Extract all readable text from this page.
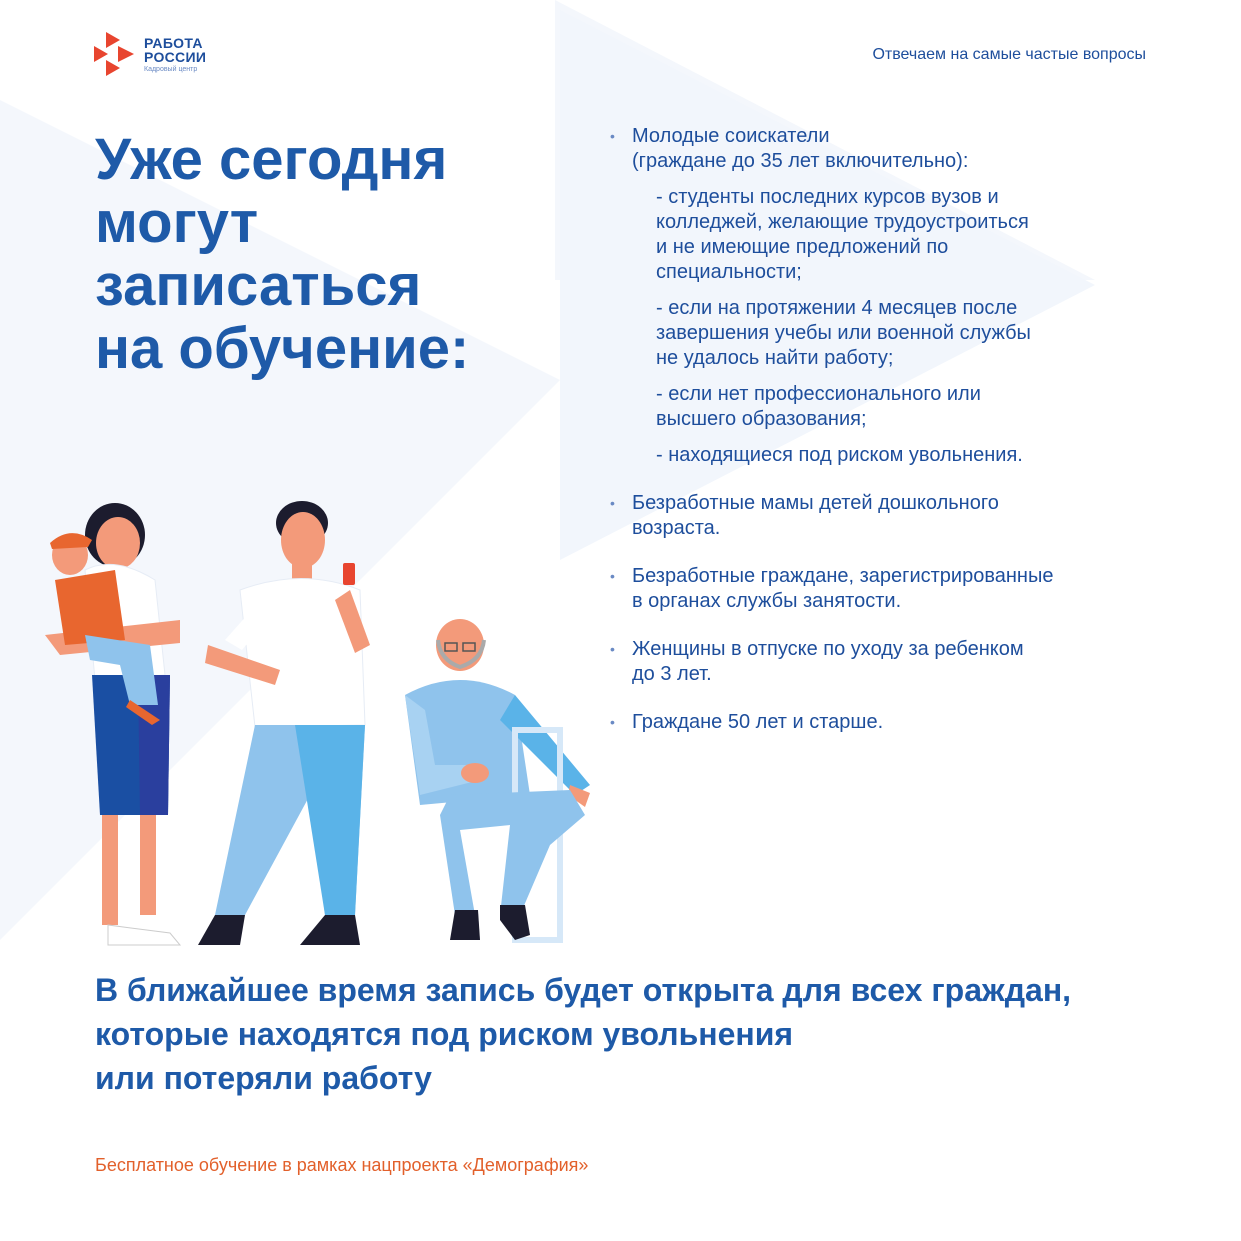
РАБОТА
РОССИИ
Кадровый центр
Отвечаем на самые частые вопросы
Уже сегодня
могут
записаться
на обучение:
• Молодые соискатели
(граждане до 35 лет включительно):
- студенты последних курсов вузов и
колледжей, желающие трудоустроиться
и не имеющие предложений по
специальности;
- если на протяжении 4 месяцев после
завершения учебы или военной службы
не удалось найти работу;
- если нет профессионального или
высшего образования;
- находящиеся под риском увольнения.
• Безработные мамы детей дошкольного
возраста.
• Безработные граждане, зарегистрированные
в органах службы занятости.
• Женщины в отпуске по уходу за ребенком
до 3 лет.
• Граждане 50 лет и старше.
В ближайшее время запись будет открыта для всех граждан,
которые находятся под риском увольнения
или потеряли работу
Бесплатное обучение в рамках нацпроекта «Демография»
